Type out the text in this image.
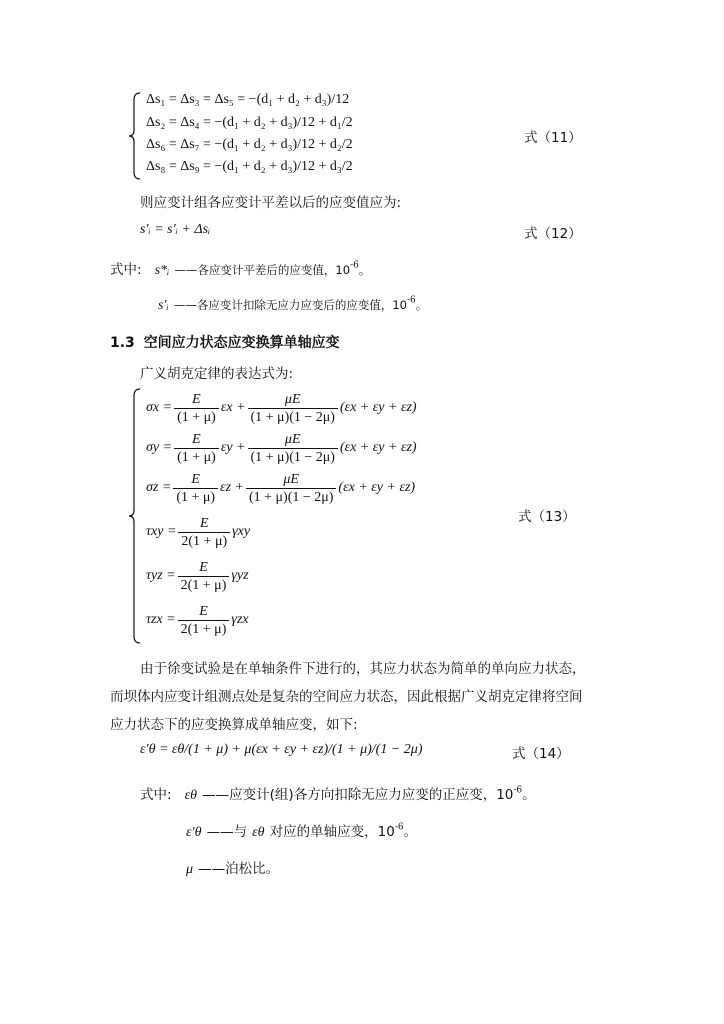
Δs₁ = Δs₃ = Δs₅ = −(d₁ + d₂ + d₃)/12
Δs₂ = Δs₄ = −(d₁ + d₂ + d₃)/12 + d₁/2
Δs₆ = Δs₇ = −(d₁ + d₂ + d₃)/12 + d₂/2
Δs₈ = Δs₉ = −(d₁ + d₂ + d₃)/12 + d₃/2
式（11）
则应变计组各应变计平差以后的应变值应为:
s′ᵢ = s′ᵢ + Δsᵢ	式（12）
式中: s*ᵢ ——各应变计平差后的应变值，$10^{-6}$。
s′ᵢ ——各应变计扣除无应力应变后的应变值，$10^{-6}$。
1.3 空间应力状态应变换算单轴应变
广义胡克定律的表达式为:
$\sigma x = \frac{E}{(1 + \mu)}$ $\varepsilon x + \frac{\mu E}{(1 + \mu)(1 - 2\mu)} (\varepsilon x + \varepsilon y + \varepsilon z)$
$\sigma y = \frac{E}{(1 + \mu)}$ $\varepsilon y + \frac{\mu E}{(1 + \mu)(1 - 2\mu)} (\varepsilon x + \varepsilon y + \varepsilon z)$
$\sigma z = \frac{E}{(1 + \mu)}$ $\varepsilon z + \frac{\mu E}{(1 + \mu)(1 - 2\mu)} (\varepsilon x + \varepsilon y + \varepsilon z)$
$\tau xy = \frac{E}{2(1 + \mu)}$ γxy
$\tau yz = \frac{E}{2(1 + \mu)}$ γyz
$\tau zx = \frac{E}{2(1 + \mu)}$ γzx
式（13）
由于徐变试验是在单轴条件下进行的，其应力状态为简单的单向应力状态，
而坝体内应变计组测点处是复杂的空间应力状态，因此根据广义胡克定律将空间
应力状态下的应变换算成单轴应变，如下:
ε′θ = εθ/(1 + μ) + μ(εx + εy + εz)/(1 + μ)/(1 − 2μ)	式（14）
式中: εθ ——应变计(组)各方向扣除无应力应变的正应变，$10^{-6}$。
ε′θ ——与 εθ 对应的单轴应变，$10^{-6}$。
μ ——泊松比。
